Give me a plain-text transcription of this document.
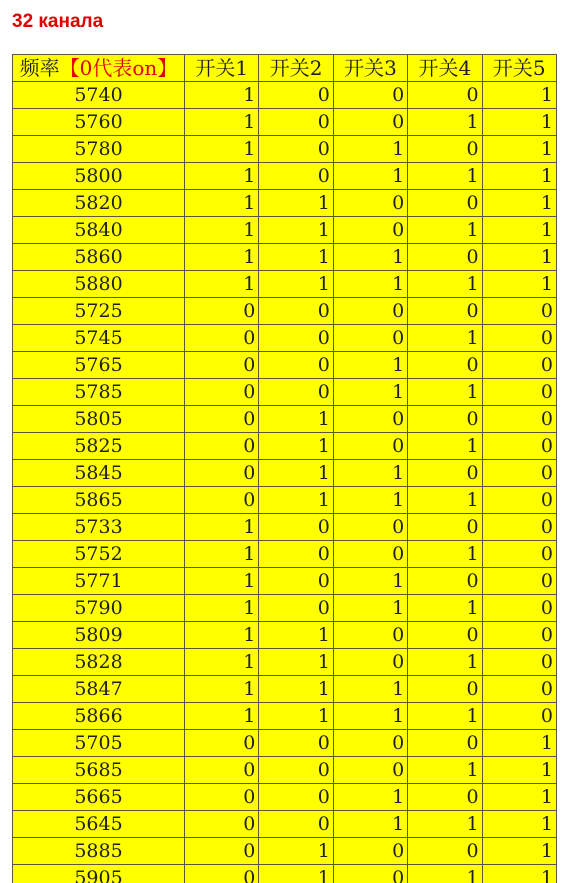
32 канала
频率【0代表on】	开关1	开关2	开关3	开关4	开关5
5740	1	0	0	0	1
5760	1	0	0	1	1
5780	1	0	1	0	1
5800	1	0	1	1	1
5820	1	1	0	0	1
5840	1	1	0	1	1
5860	1	1	1	0	1
5880	1	1	1	1	1
5725	0	0	0	0	0
5745	0	0	0	1	0
5765	0	0	1	0	0
5785	0	0	1	1	0
5805	0	1	0	0	0
5825	0	1	0	1	0
5845	0	1	1	0	0
5865	0	1	1	1	0
5733	1	0	0	0	0
5752	1	0	0	1	0
5771	1	0	1	0	0
5790	1	0	1	1	0
5809	1	1	0	0	0
5828	1	1	0	1	0
5847	1	1	1	0	0
5866	1	1	1	1	0
5705	0	0	0	0	1
5685	0	0	0	1	1
5665	0	0	1	0	1
5645	0	0	1	1	1
5885	0	1	0	0	1
5905	0	1	0	1	1
